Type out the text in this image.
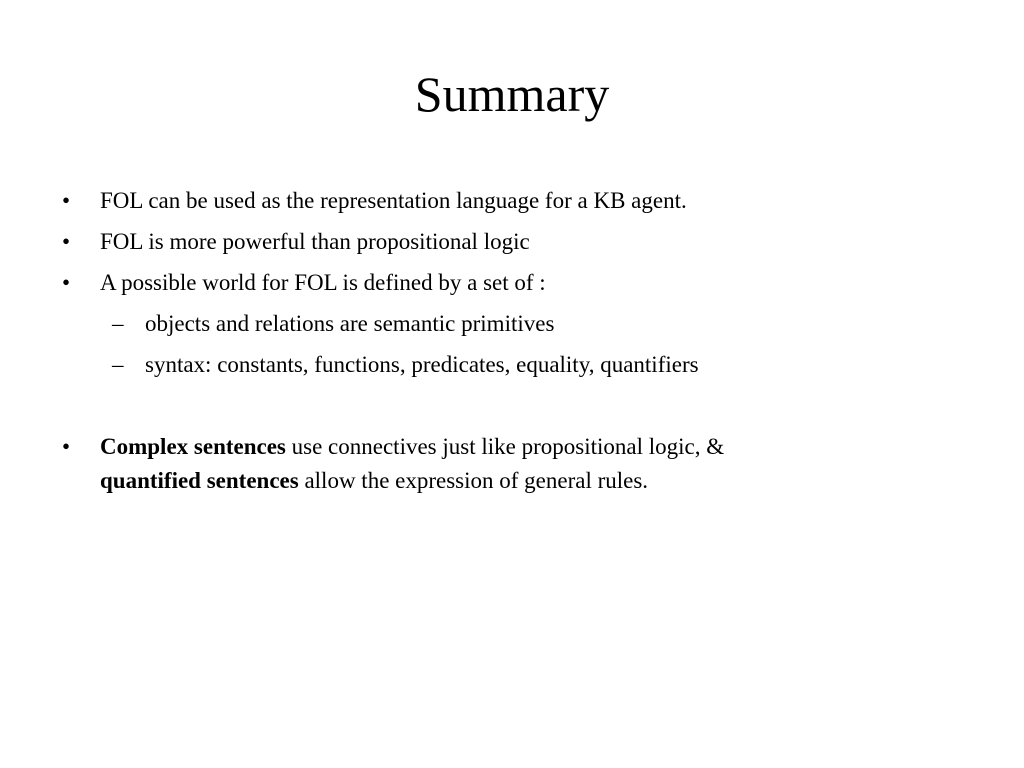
Summary
• FOL can be used as the representation language for a KB agent.
• FOL is more powerful than propositional logic
• A possible world for FOL is defined by a set of :
– objects and relations are semantic primitives
– syntax: constants, functions, predicates, equality, quantifiers
• Complex sentences use connectives just like propositional logic, &
quantified sentences allow the expression of general rules.
